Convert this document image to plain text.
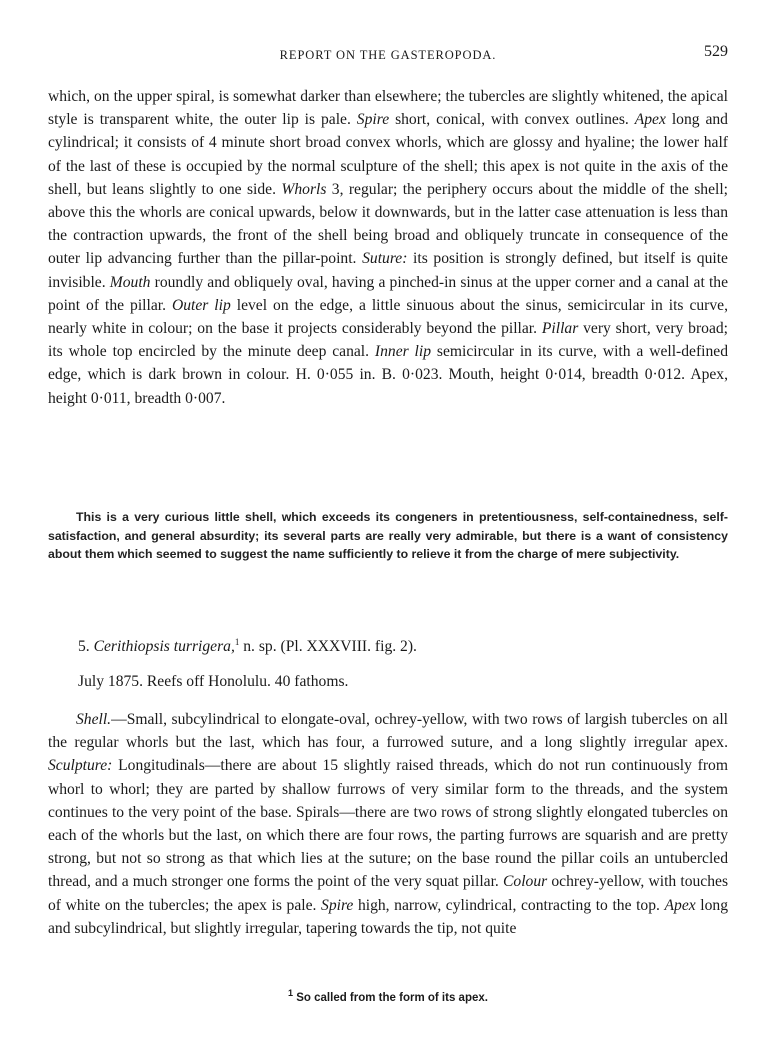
REPORT ON THE GASTEROPODA.	529

which, on the upper spiral, is somewhat darker than elsewhere; the tubercles are slightly whitened, the apical style is transparent white, the outer lip is pale. Spire short, conical, with convex outlines. Apex long and cylindrical; it consists of 4 minute short broad convex whorls, which are glossy and hyaline; the lower half of the last of these is occupied by the normal sculpture of the shell; this apex is not quite in the axis of the shell, but leans slightly to one side. Whorls 3, regular; the periphery occurs about the middle of the shell; above this the whorls are conical upwards, below it downwards, but in the latter case attenuation is less than the contraction upwards, the front of the shell being broad and obliquely truncate in consequence of the outer lip advancing further than the pillar-point. Suture: its position is strongly defined, but itself is quite invisible. Mouth roundly and obliquely oval, having a pinched-in sinus at the upper corner and a canal at the point of the pillar. Outer lip level on the edge, a little sinuous about the sinus, semicircular in its curve, nearly white in colour; on the base it projects considerably beyond the pillar. Pillar very short, very broad; its whole top encircled by the minute deep canal. Inner lip semicircular in its curve, with a well-defined edge, which is dark brown in colour. H. 0·055 in. B. 0·023. Mouth, height 0·014, breadth 0·012. Apex, height 0·011, breadth 0·007.

This is a very curious little shell, which exceeds its congeners in pretentiousness, self-containedness, self-satisfaction, and general absurdity; its several parts are really very admirable, but there is a want of consistency about them which seemed to suggest the name sufficiently to relieve it from the charge of mere subjectivity.

5. Cerithiopsis turrigera,$^1$ n. sp. (Pl. XXXVIII. fig. 2).
July 1875. Reefs off Honolulu. 40 fathoms.

Shell.—Small, subcylindrical to elongate-oval, ochrey-yellow, with two rows of largish tubercles on all the regular whorls but the last, which has four, a furrowed suture, and a long slightly irregular apex. Sculpture: Longitudinals—there are about 15 slightly raised threads, which do not run continuously from whorl to whorl; they are parted by shallow furrows of very similar form to the threads, and the system continues to the very point of the base. Spirals—there are two rows of strong slightly elongated tubercles on each of the whorls but the last, on which there are four rows, the parting furrows are squarish and are pretty strong, but not so strong as that which lies at the suture; on the base round the pillar coils an untubercled thread, and a much stronger one forms the point of the very squat pillar. Colour ochrey-yellow, with touches of white on the tubercles; the apex is pale. Spire high, narrow, cylindrical, contracting to the top. Apex long and subcylindrical, but slightly irregular, tapering towards the tip, not quite

$^1$ So called from the form of its apex.
